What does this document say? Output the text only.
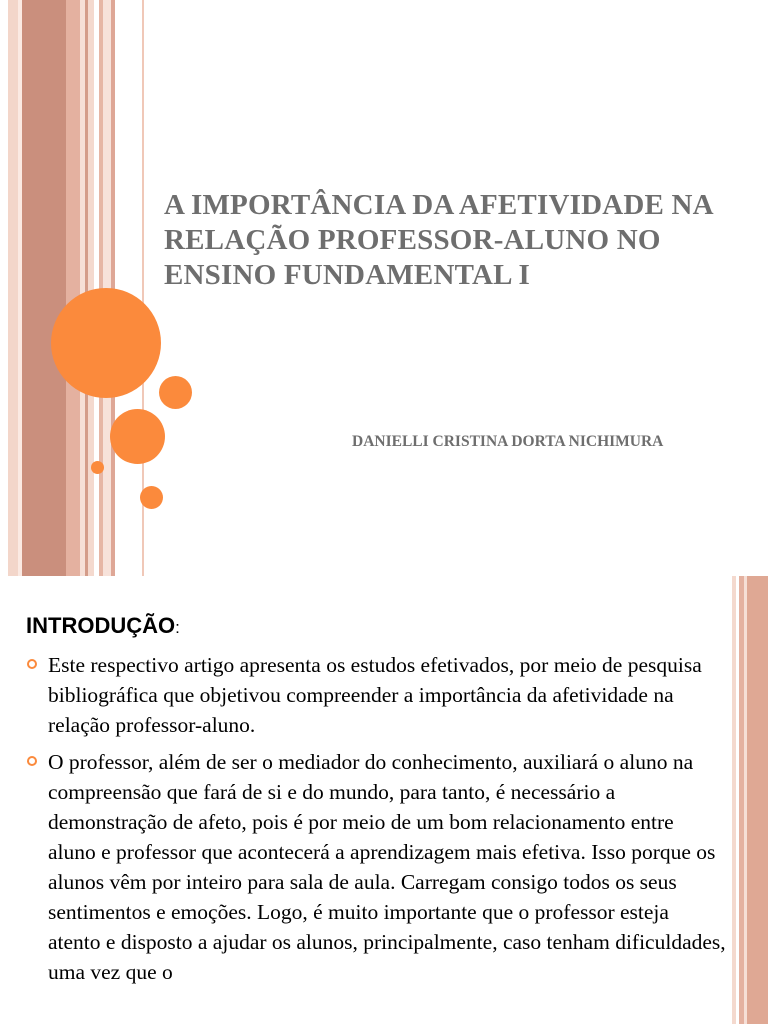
A IMPORTÂNCIA DA AFETIVIDADE NA RELAÇÃO PROFESSOR-ALUNO NO ENSINO FUNDAMENTAL I

DANIELLI CRISTINA DORTA NICHIMURA

INTRODUÇÃO:
Este respectivo artigo apresenta os estudos efetivados, por meio de pesquisa bibliográfica que objetivou compreender a importância da afetividade na relação professor-aluno.
O professor, além de ser o mediador do conhecimento, auxiliará o aluno na compreensão que fará de si e do mundo, para tanto, é necessário a demonstração de afeto, pois é por meio de um bom relacionamento entre aluno e professor que acontecerá a aprendizagem mais efetiva. Isso porque os alunos vêm por inteiro para sala de aula. Carregam consigo todos os seus sentimentos e emoções. Logo, é muito importante que o professor esteja atento e disposto a ajudar os alunos, principalmente, caso tenham dificuldades, uma vez que o
